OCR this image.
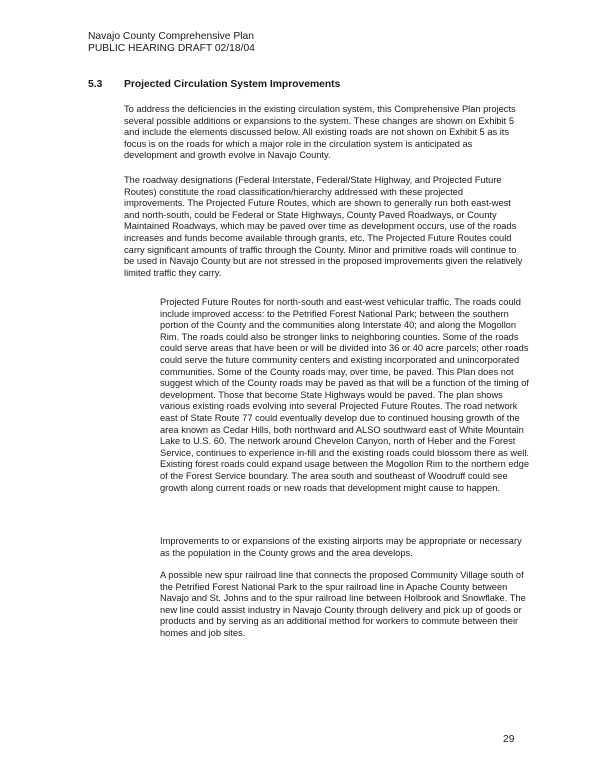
Navajo County Comprehensive Plan
PUBLIC HEARING DRAFT 02/18/04
5.3 Projected Circulation System Improvements

To address the deficiencies in the existing circulation system, this Comprehensive Plan projects several possible additions or expansions to the system. These changes are shown on Exhibit 5 and include the elements discussed below. All existing roads are not shown on Exhibit 5 as its focus is on the roads for which a major role in the circulation system is anticipated as development and growth evolve in Navajo County.

The roadway designations (Federal Interstate, Federal/State Highway, and Projected Future Routes) constitute the road classification/hierarchy addressed with these projected improvements. The Projected Future Routes, which are shown to generally run both east-west and north-south, could be Federal or State Highways, County Paved Roadways, or County Maintained Roadways, which may be paved over time as development occurs, use of the roads increases and funds become available through grants, etc. The Projected Future Routes could carry significant amounts of traffic through the County. Minor and primitive roads will continue to be used in Navajo County but are not stressed in the proposed improvements given the relatively limited traffic they carry.

Projected Future Routes for north-south and east-west vehicular traffic. The roads could include improved access: to the Petrified Forest National Park; between the southern portion of the County and the communities along Interstate 40; and along the Mogollon Rim. The roads could also be stronger links to neighboring counties. Some of the roads could serve areas that have been or will be divided into 36 or 40 acre parcels; other roads could serve the future community centers and existing incorporated and unincorporated communities. Some of the County roads may, over time, be paved. This Plan does not suggest which of the County roads may be paved as that will be a function of the timing of development. Those that become State Highways would be paved. The plan shows various existing roads evolving into several Projected Future Routes. The road network east of State Route 77 could eventually develop due to continued housing growth of the area known as Cedar Hills, both northward and ALSO southward east of White Mountain Lake to U.S. 60. The network around Chevelon Canyon, north of Heber and the Forest Service, continues to experience in-fill and the existing roads could blossom there as well. Existing forest roads could expand usage between the Mogollon Rim to the northern edge of the Forest Service boundary. The area south and southeast of Woodruff could see growth along current roads or new roads that development might cause to happen.

Improvements to or expansions of the existing airports may be appropriate or necessary as the population in the County grows and the area develops.

A possible new spur railroad line that connects the proposed Community Village south of the Petrified Forest National Park to the spur railroad line in Apache County between Navajo and St. Johns and to the spur railroad line between Holbrook and Snowflake. The new line could assist industry in Navajo County through delivery and pick up of goods or products and by serving as an additional method for workers to commute between their homes and job sites.

29
